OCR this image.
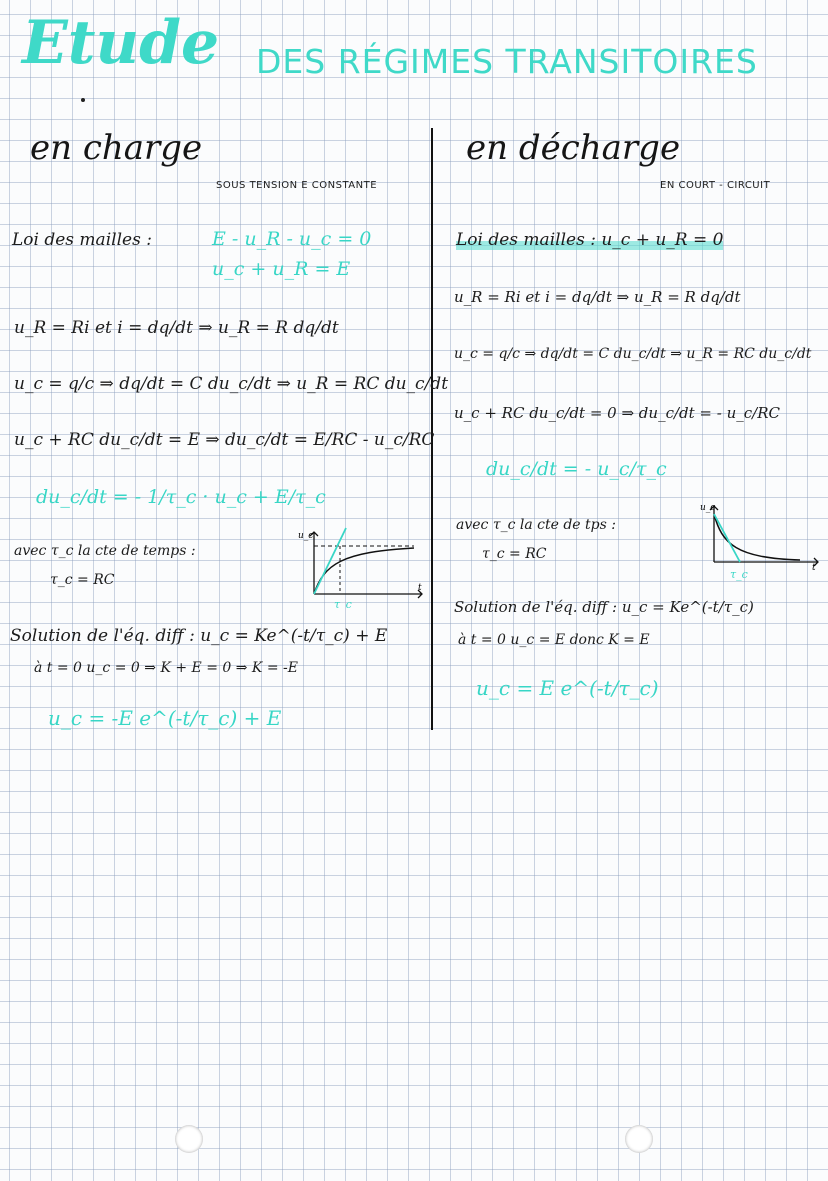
Etude DES RÉGIMES TRANSITOIRES
en charge
SOUS TENSION E CONSTANTE
Loi des mailles :	E - u_R - u_c = 0
u_c + u_R = E
u_R = Ri et i = dq/dt ⇒ u_R = R dq/dt
u_c = q/c ⇒ dq/dt = C du_c/dt ⇒ u_R = RC du_c/dt
u_c + RC du_c/dt = E ⇒ du_c/dt = E/RC - u_c/RC
du_c/dt = - 1/τ_c · u_c + E/τ_c
avec τ_c la cte de temps :
τ_c = RC
u_c
t
τ_c
Solution de l'éq. diff : u_c = Ke^(-t/τ_c) + E
à t = 0 u_c = 0 ⇒ K + E = 0 ⇒ K = -E
u_c = -E e^(-t/τ_c) + E
en décharge
EN COURT - CIRCUIT
Loi des mailles : u_c + u_R = 0
u_R = Ri et i = dq/dt ⇒ u_R = R dq/dt
u_c = q/c ⇒ dq/dt = C du_c/dt ⇒ u_R = RC du_c/dt
u_c + RC du_c/dt = 0 ⇒ du_c/dt = - u_c/RC
du_c/dt = - u_c/τ_c
avec τ_c la cte de tps :
τ_c = RC
u_c
t
τ_c
Solution de l'éq. diff : u_c = Ke^(-t/τ_c)
à t = 0 u_c = E donc K = E
u_c = E e^(-t/τ_c)
